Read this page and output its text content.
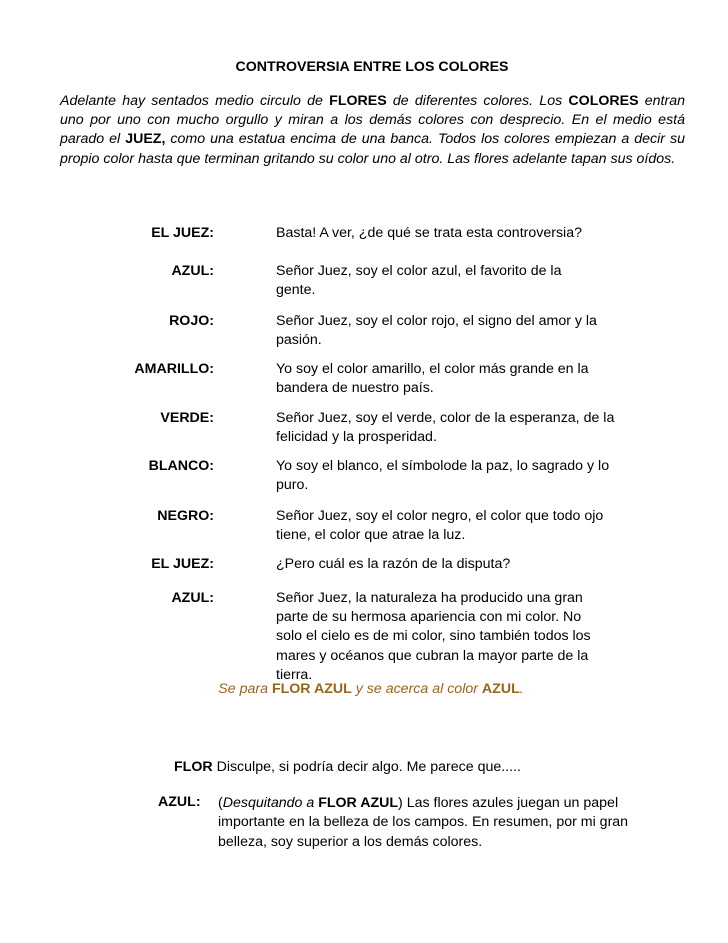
CONTROVERSIA ENTRE LOS COLORES
Adelante hay sentados medio circulo de FLORES de diferentes colores. Los COLORES entran uno por uno con mucho orgullo y miran a los demás colores con desprecio. En el medio está parado el JUEZ, como una estatua encima de una banca. Todos los colores empiezan a decir su propio color hasta que terminan gritando su color uno al otro. Las flores adelante tapan sus oídos.
EL JUEZ:	Basta! A ver, ¿de qué se trata esta controversia?
AZUL:	Señor Juez, soy el color azul, el favorito de la gente.
ROJO:	Señor Juez, soy el color rojo, el signo del amor y la pasión.
AMARILLO:	Yo soy el color amarillo, el color más grande en la bandera de nuestro país.
VERDE:	Señor Juez, soy el verde, color de la esperanza, de la felicidad y la prosperidad.
BLANCO:	Yo soy el blanco, el símbolode la paz, lo sagrado y lo puro.
NEGRO:	Señor Juez, soy el color negro, el color que todo ojo tiene, el color que atrae la luz.
EL JUEZ:	¿Pero cuál es la razón de la disputa?
AZUL:	Señor Juez, la naturaleza ha producido una gran parte de su hermosa apariencia con mi color. No solo el cielo es de mi color, sino también todos los mares y océanos que cubran la mayor parte de la tierra.
Se para FLOR AZUL y se acerca al color AZUL.
FLOR Disculpe, si podría decir algo. Me parece que.....
AZUL: (Desquitando a FLOR AZUL) Las flores azules juegan un papel importante en la belleza de los campos. En resumen, por mi gran belleza, soy superior a los demás colores.
